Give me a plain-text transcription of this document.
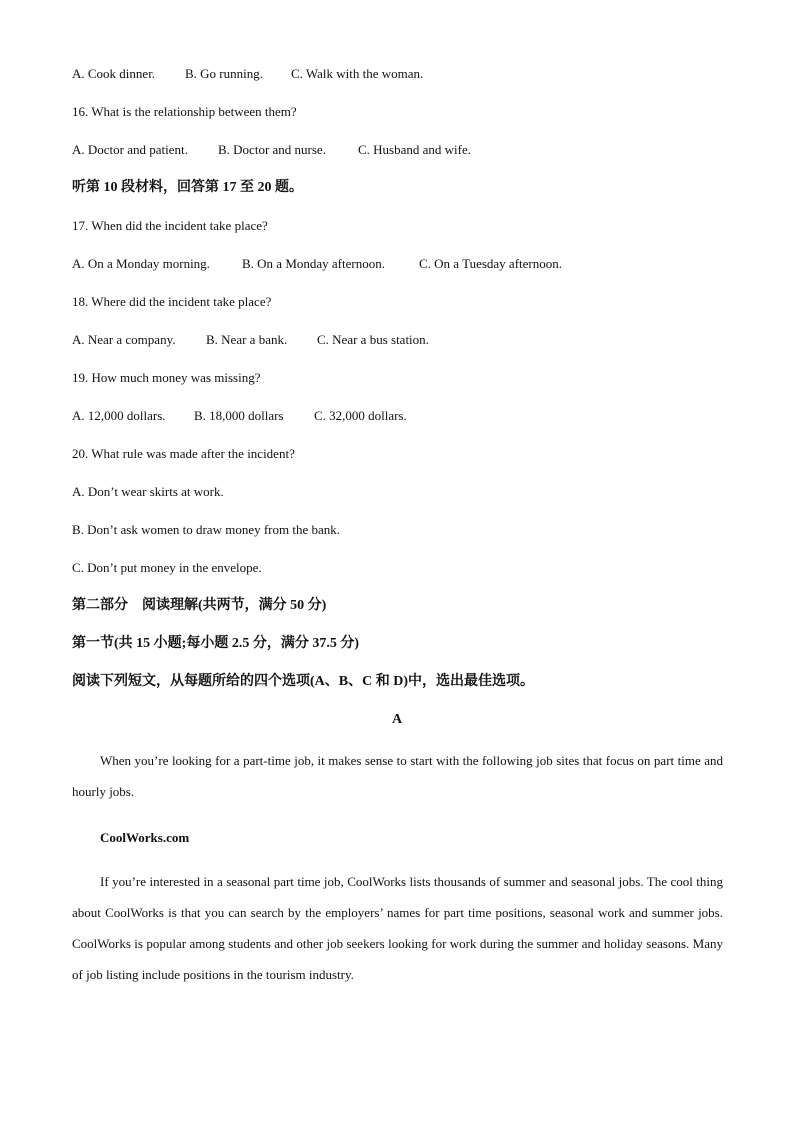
A. Cook dinner. B. Go running. C. Walk with the woman.
16. What is the relationship between them?
A. Doctor and patient. B. Doctor and nurse. C. Husband and wife.
听第 10 段材料，回答第 17 至 20 题。
17. When did the incident take place?
A. On a Monday morning. B. On a Monday afternoon.	C. On a Tuesday afternoon.
18. Where did the incident take place?
A. Near a company. B. Near a bank. C. Near a bus station.
19. How much money was missing?
A. 12,000 dollars. B. 18,000 dollars C. 32,000 dollars.
20. What rule was made after the incident?
A. Don’t wear skirts at work.
B. Don’t ask women to draw money from the bank.
C. Don’t put money in the envelope.
第二部分　阅读理解(共两节，满分 50 分)
第一节(共 15 小题;每小题 2.5 分，满分 37.5 分)
阅读下列短文，从每题所给的四个选项(A、B、C 和 D)中，选出最佳选项。
A
When you’re looking for a part-time job, it makes sense to start with the following job sites that focus on part time and hourly jobs.
CoolWorks.com
If you’re interested in a seasonal part time job, CoolWorks lists thousands of summer and seasonal jobs. The cool thing about CoolWorks is that you can search by the employers’ names for part time positions, seasonal work and summer jobs. CoolWorks is popular among students and other job seekers looking for work during the summer and holiday seasons. Many of job listing include positions in the tourism industry.
